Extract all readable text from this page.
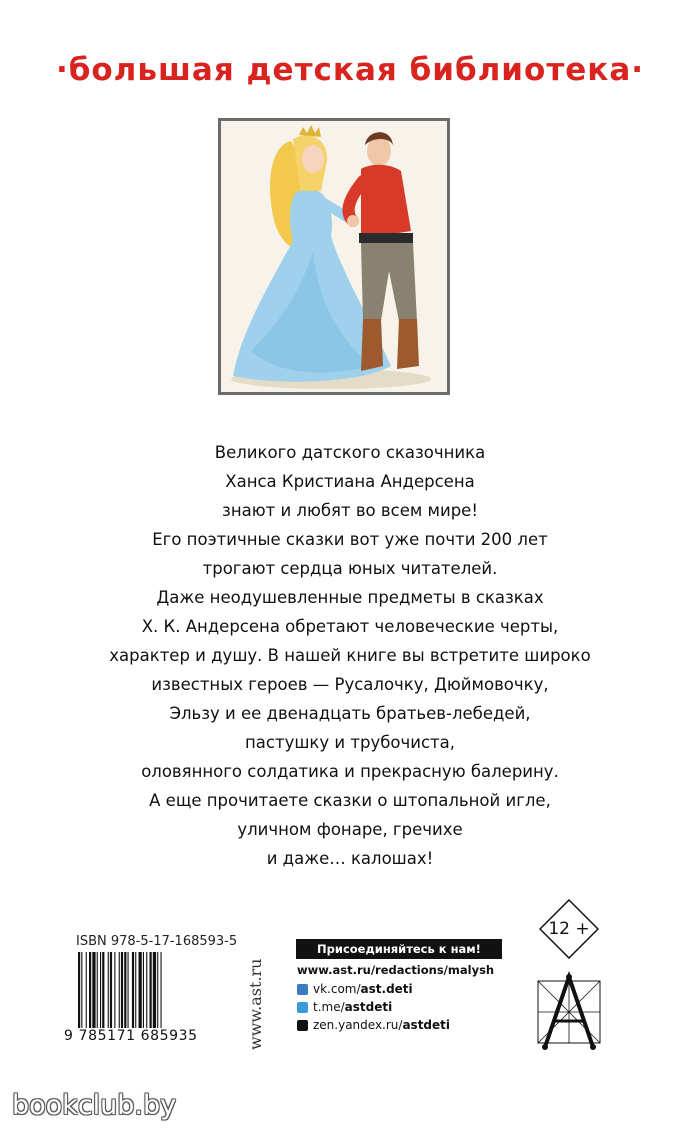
·большая детская библиотека·
Великого датского сказочника
Ханса Кристиана Андерсена
знают и любят во всем мире!
Его поэтичные сказки вот уже почти 200 лет
трогают сердца юных читателей.
Даже неодушевленные предметы в сказках
Х. К. Андерсена обретают человеческие черты,
характер и душу. В нашей книге вы встретите широко
известных героев — Русалочку, Дюймовочку,
Эльзу и ее двенадцать братьев-лебедей,
пастушку и трубочиста,
оловянного солдатика и прекрасную балерину.
А еще прочитаете сказки о штопальной игле,
уличном фонаре, гречихе
и даже… калошах!
ISBN 978-5-17-168593-5
9 785171 685935	www.ast.ru
Присоединяйтесь к нам!
www.ast.ru/redactions/malysh
vk.com/ ast.deti
t.me/ astdeti
zen.yandex.ru/ astdeti
12 +
bookclub.by
